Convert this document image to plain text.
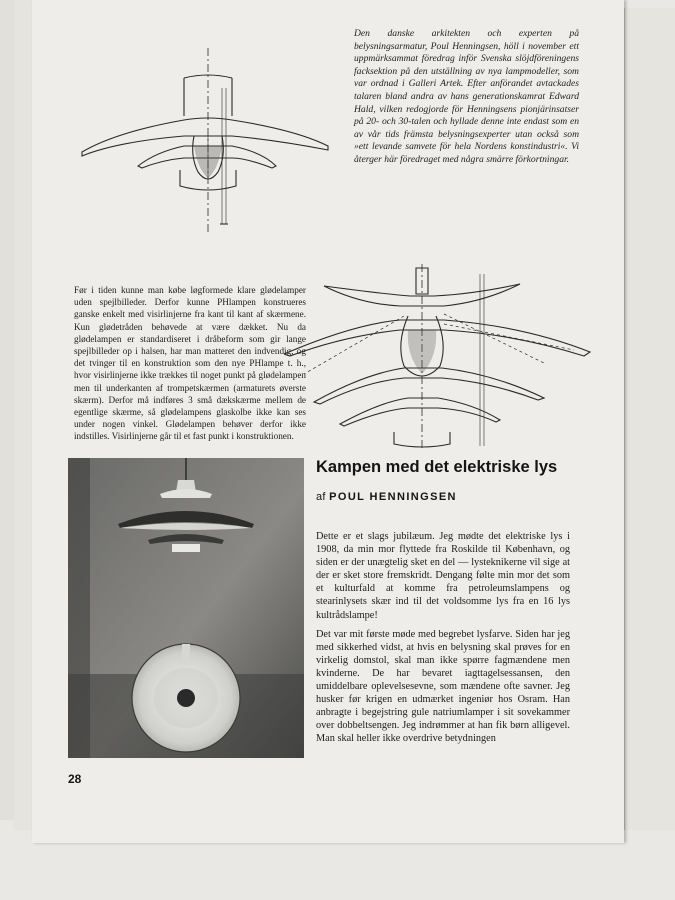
Den danske arkitekten och experten på belysningsarmatur, Poul Henningsen, höll i november ett uppmärksammat föredrag inför Svenska slöjdföreningens facksektion på den utställning av nya lampmodeller, som var ordnad i Galleri Artek. Efter anförandet avtackades talaren bland andra av hans generationskamrat Edward Hald, vilken redogjorde för Henningsens pionjärinsatser på 20- och 30-talen och hyllade denne inte endast som en av vår tids främsta belysningsexperter utan också som »ett levande samvete för hela Nordens konstindustri«. Vi återger här föredraget med några smärre förkortningar.
Før i tiden kunne man købe løgformede klare glødelamper uden spejlbilleder. Derfor kunne PHlampen konstrueres ganske enkelt med visirlinjerne fra kant til kant af skærmene. Kun glødetråden behøvede at være dækket. Nu da glødelampen er standardiseret i dråbeform som gir lange spejlbilleder op i halsen, har man matteret den indvendig, og det tvinger til en konstruktion som den nye PHlampe t. h., hvor visirlinjerne ikke trækkes til noget punkt på glødelampen men til underkanten af trompetskærmen (armaturets øverste skærm). Derfor må indføres 3 små dækskærme mellem de egentlige skærme, så glødelampens glaskolbe ikke kan ses under nogen vinkel. Glødelampen behøver derfor ikke indstilles. Visirlinjerne går til et fast punkt i konstruktionen.
Kampen med det elektriske lys
af POUL HENNINGSEN

Dette er et slags jubilæum. Jeg mødte det elektriske lys i 1908, da min mor flyttede fra Roskilde til København, og siden er der unægtelig sket en del — lysteknikerne vil sige at der er sket store fremskridt. Dengang følte min mor det som et kulturfald at komme fra petroleumslampens og stearinlysets skær ind til det voldsomme lys fra en 16 lys kultrådslampe!

Det var mit første møde med begrebet lysfarve. Siden har jeg med sikkerhed vidst, at hvis en belysning skal prøves for en virkelig domstol, skal man ikke spørre fagmændene men kvinderne. De har bevaret iagttagelsessansen, den umiddelbare oplevelsesevne, som mændene ofte savner. Jeg husker før krigen en udmærket ingeniør hos Osram. Han anbragte i begejstring gule natriumlamper i sit sovekammer over dobbeltsengen. Jeg indrømmer at han fik børn alligevel. Man skal heller ikke overdrive betydningen

28
